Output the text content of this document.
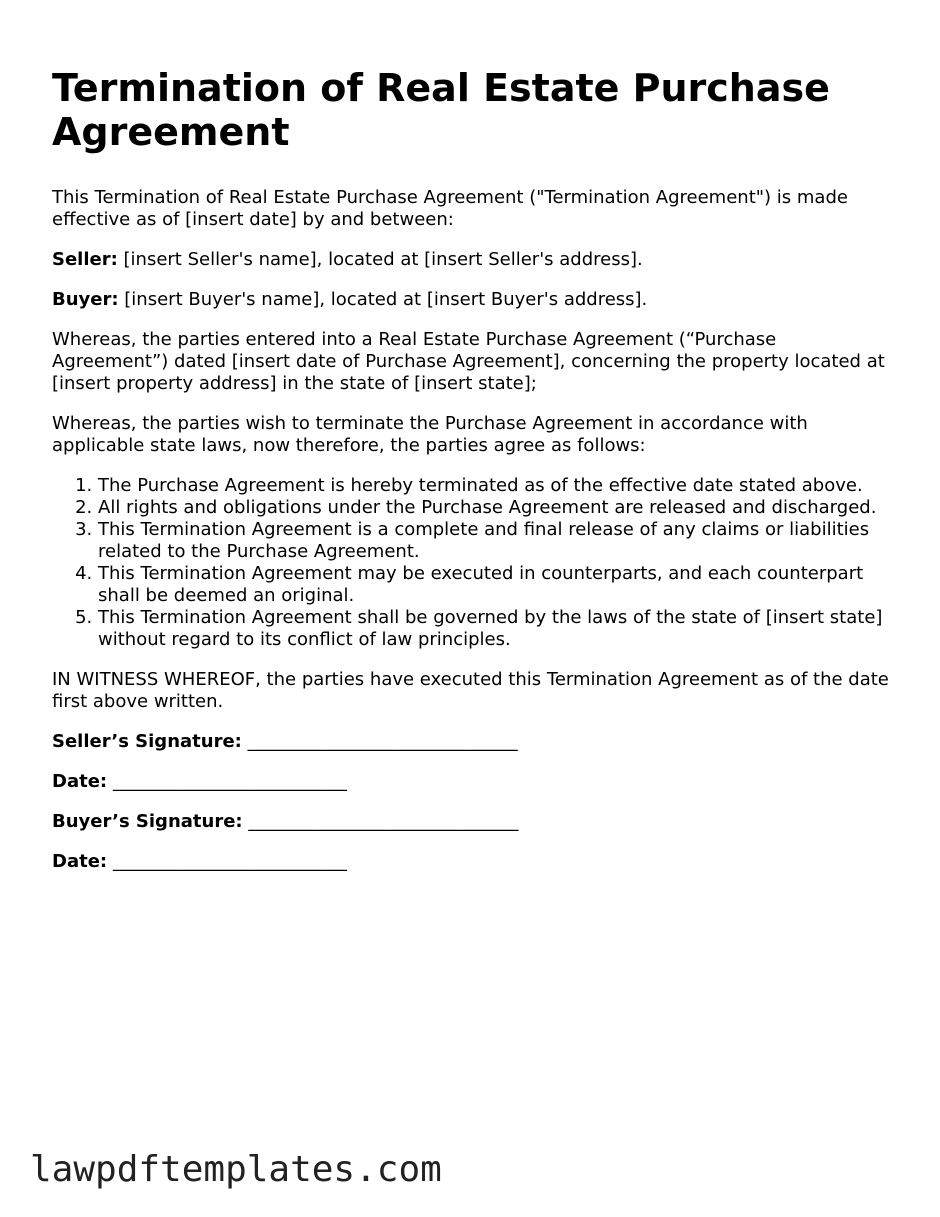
Termination of Real Estate Purchase Agreement

This Termination of Real Estate Purchase Agreement ("Termination Agreement") is made effective as of [insert date] by and between:

Seller: [insert Seller's name], located at [insert Seller's address].

Buyer: [insert Buyer's name], located at [insert Buyer's address].

Whereas, the parties entered into a Real Estate Purchase Agreement (“Purchase Agreement”) dated [insert date of Purchase Agreement], concerning the property located at [insert property address] in the state of [insert state];

Whereas, the parties wish to terminate the Purchase Agreement in accordance with applicable state laws, now therefore, the parties agree as follows:

1. The Purchase Agreement is hereby terminated as of the effective date stated above.
2. All rights and obligations under the Purchase Agreement are released and discharged.
3. This Termination Agreement is a complete and final release of any claims or liabilities related to the Purchase Agreement.
4. This Termination Agreement may be executed in counterparts, and each counterpart shall be deemed an original.
5. This Termination Agreement shall be governed by the laws of the state of [insert state] without regard to its conflict of law principles.

IN WITNESS WHEREOF, the parties have executed this Termination Agreement as of the date first above written.

Seller’s Signature: ______________________________
Date: __________________________
Buyer’s Signature: ______________________________
Date: __________________________
lawpdftemplates.com
